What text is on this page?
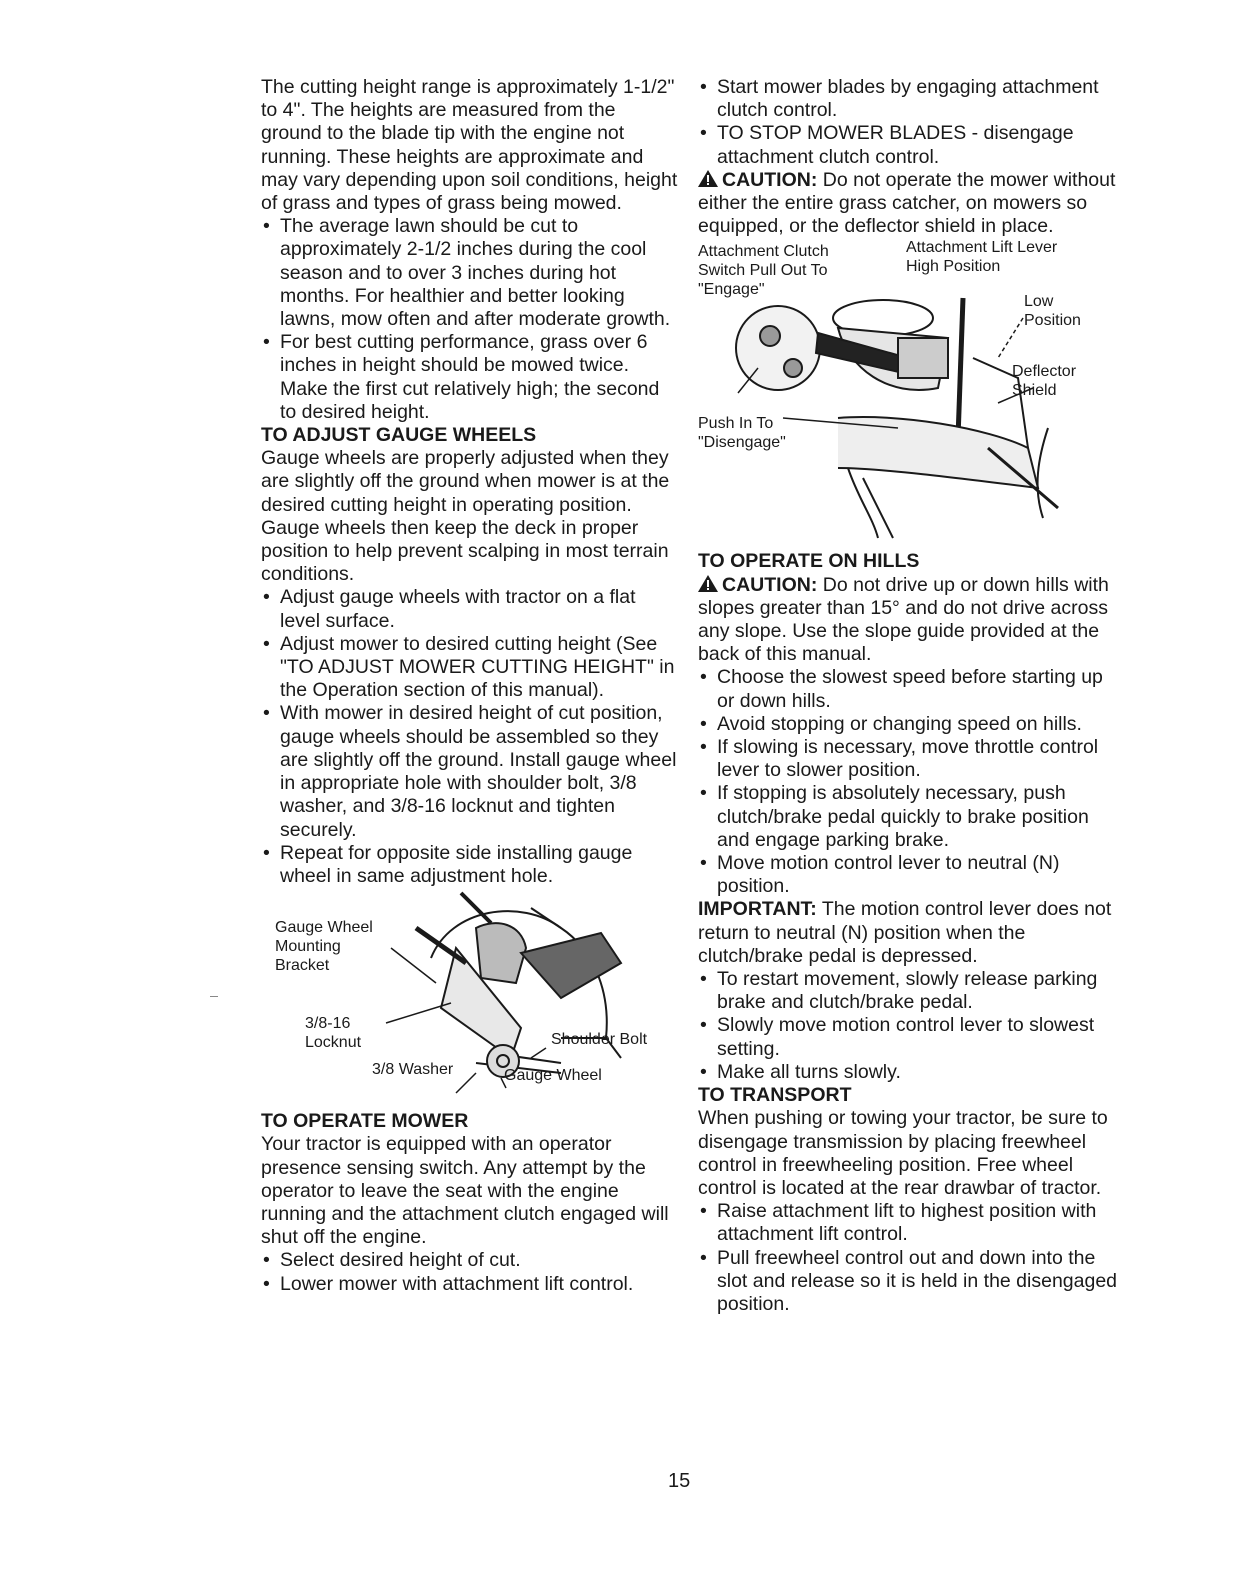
The cutting height range is approximately 1-1/2" to 4". The heights are measured from the ground to the blade tip with the engine not running. These heights are approximate and may vary depending upon soil conditions, height of grass and types of grass being mowed.

• The average lawn should be cut to approximately 2-1/2 inches during the cool season and to over 3 inches during hot months. For healthier and better looking lawns, mow often and after moderate growth.
• For best cutting performance, grass over 6 inches in height should be mowed twice. Make the first cut relatively high; the second to desired height.

TO ADJUST GAUGE WHEELS

Gauge wheels are properly adjusted when they are slightly off the ground when mower is at the desired cutting height in operating position. Gauge wheels then keep the deck in proper position to help prevent scalping in most terrain conditions.

• Adjust gauge wheels with tractor on a flat level surface.
• Adjust mower to desired cutting height (See "TO ADJUST MOWER CUTTING HEIGHT" in the Operation section of this manual).
• With mower in desired height of cut position, gauge wheels should be assembled so they are slightly off the ground. Install gauge wheel in appropriate hole with shoulder bolt, 3/8 washer, and 3/8-16 locknut and tighten securely.
• Repeat for opposite side installing gauge wheel in same adjustment hole.
Gauge Wheel
Mounting
Bracket
3/8-16
Locknut	Shoulder Bolt
3/8 Washer	Gauge Wheel

TO OPERATE MOWER

Your tractor is equipped with an operator presence sensing switch. Any attempt by the operator to leave the seat with the engine running and the attachment clutch engaged will shut off the engine.

• Select desired height of cut.
• Lower mower with attachment lift control.
• Start mower blades by engaging attachment clutch control.
• TO STOP MOWER BLADES - disengage attachment clutch control.

CAUTION: Do not operate the mower without either the entire grass catcher, on mowers so equipped, or the deflector shield in place.

Attachment Clutch
Switch Pull Out To
"Engage"
Attachment Lift Lever
High Position
Low
Position
Deflector
Shield
Push In To
"Disengage"

TO OPERATE ON HILLS

CAUTION: Do not drive up or down hills with slopes greater than 15° and do not drive across any slope. Use the slope guide provided at the back of this manual.

• Choose the slowest speed before starting up or down hills.
• Avoid stopping or changing speed on hills.
• If slowing is necessary, move throttle control lever to slower position.
• If stopping is absolutely necessary, push clutch/brake pedal quickly to brake position and engage parking brake.
• Move motion control lever to neutral (N) position.

IMPORTANT: The motion control lever does not return to neutral (N) position when the clutch/brake pedal is depressed.

• To restart movement, slowly release parking brake and clutch/brake pedal.
• Slowly move motion control lever to slowest setting.
• Make all turns slowly.

TO TRANSPORT

When pushing or towing your tractor, be sure to disengage transmission by placing freewheel control in freewheeling position. Free wheel control is located at the rear drawbar of tractor.

• Raise attachment lift to highest position with attachment lift control.
• Pull freewheel control out and down into the slot and release so it is held in the disengaged position.
15
